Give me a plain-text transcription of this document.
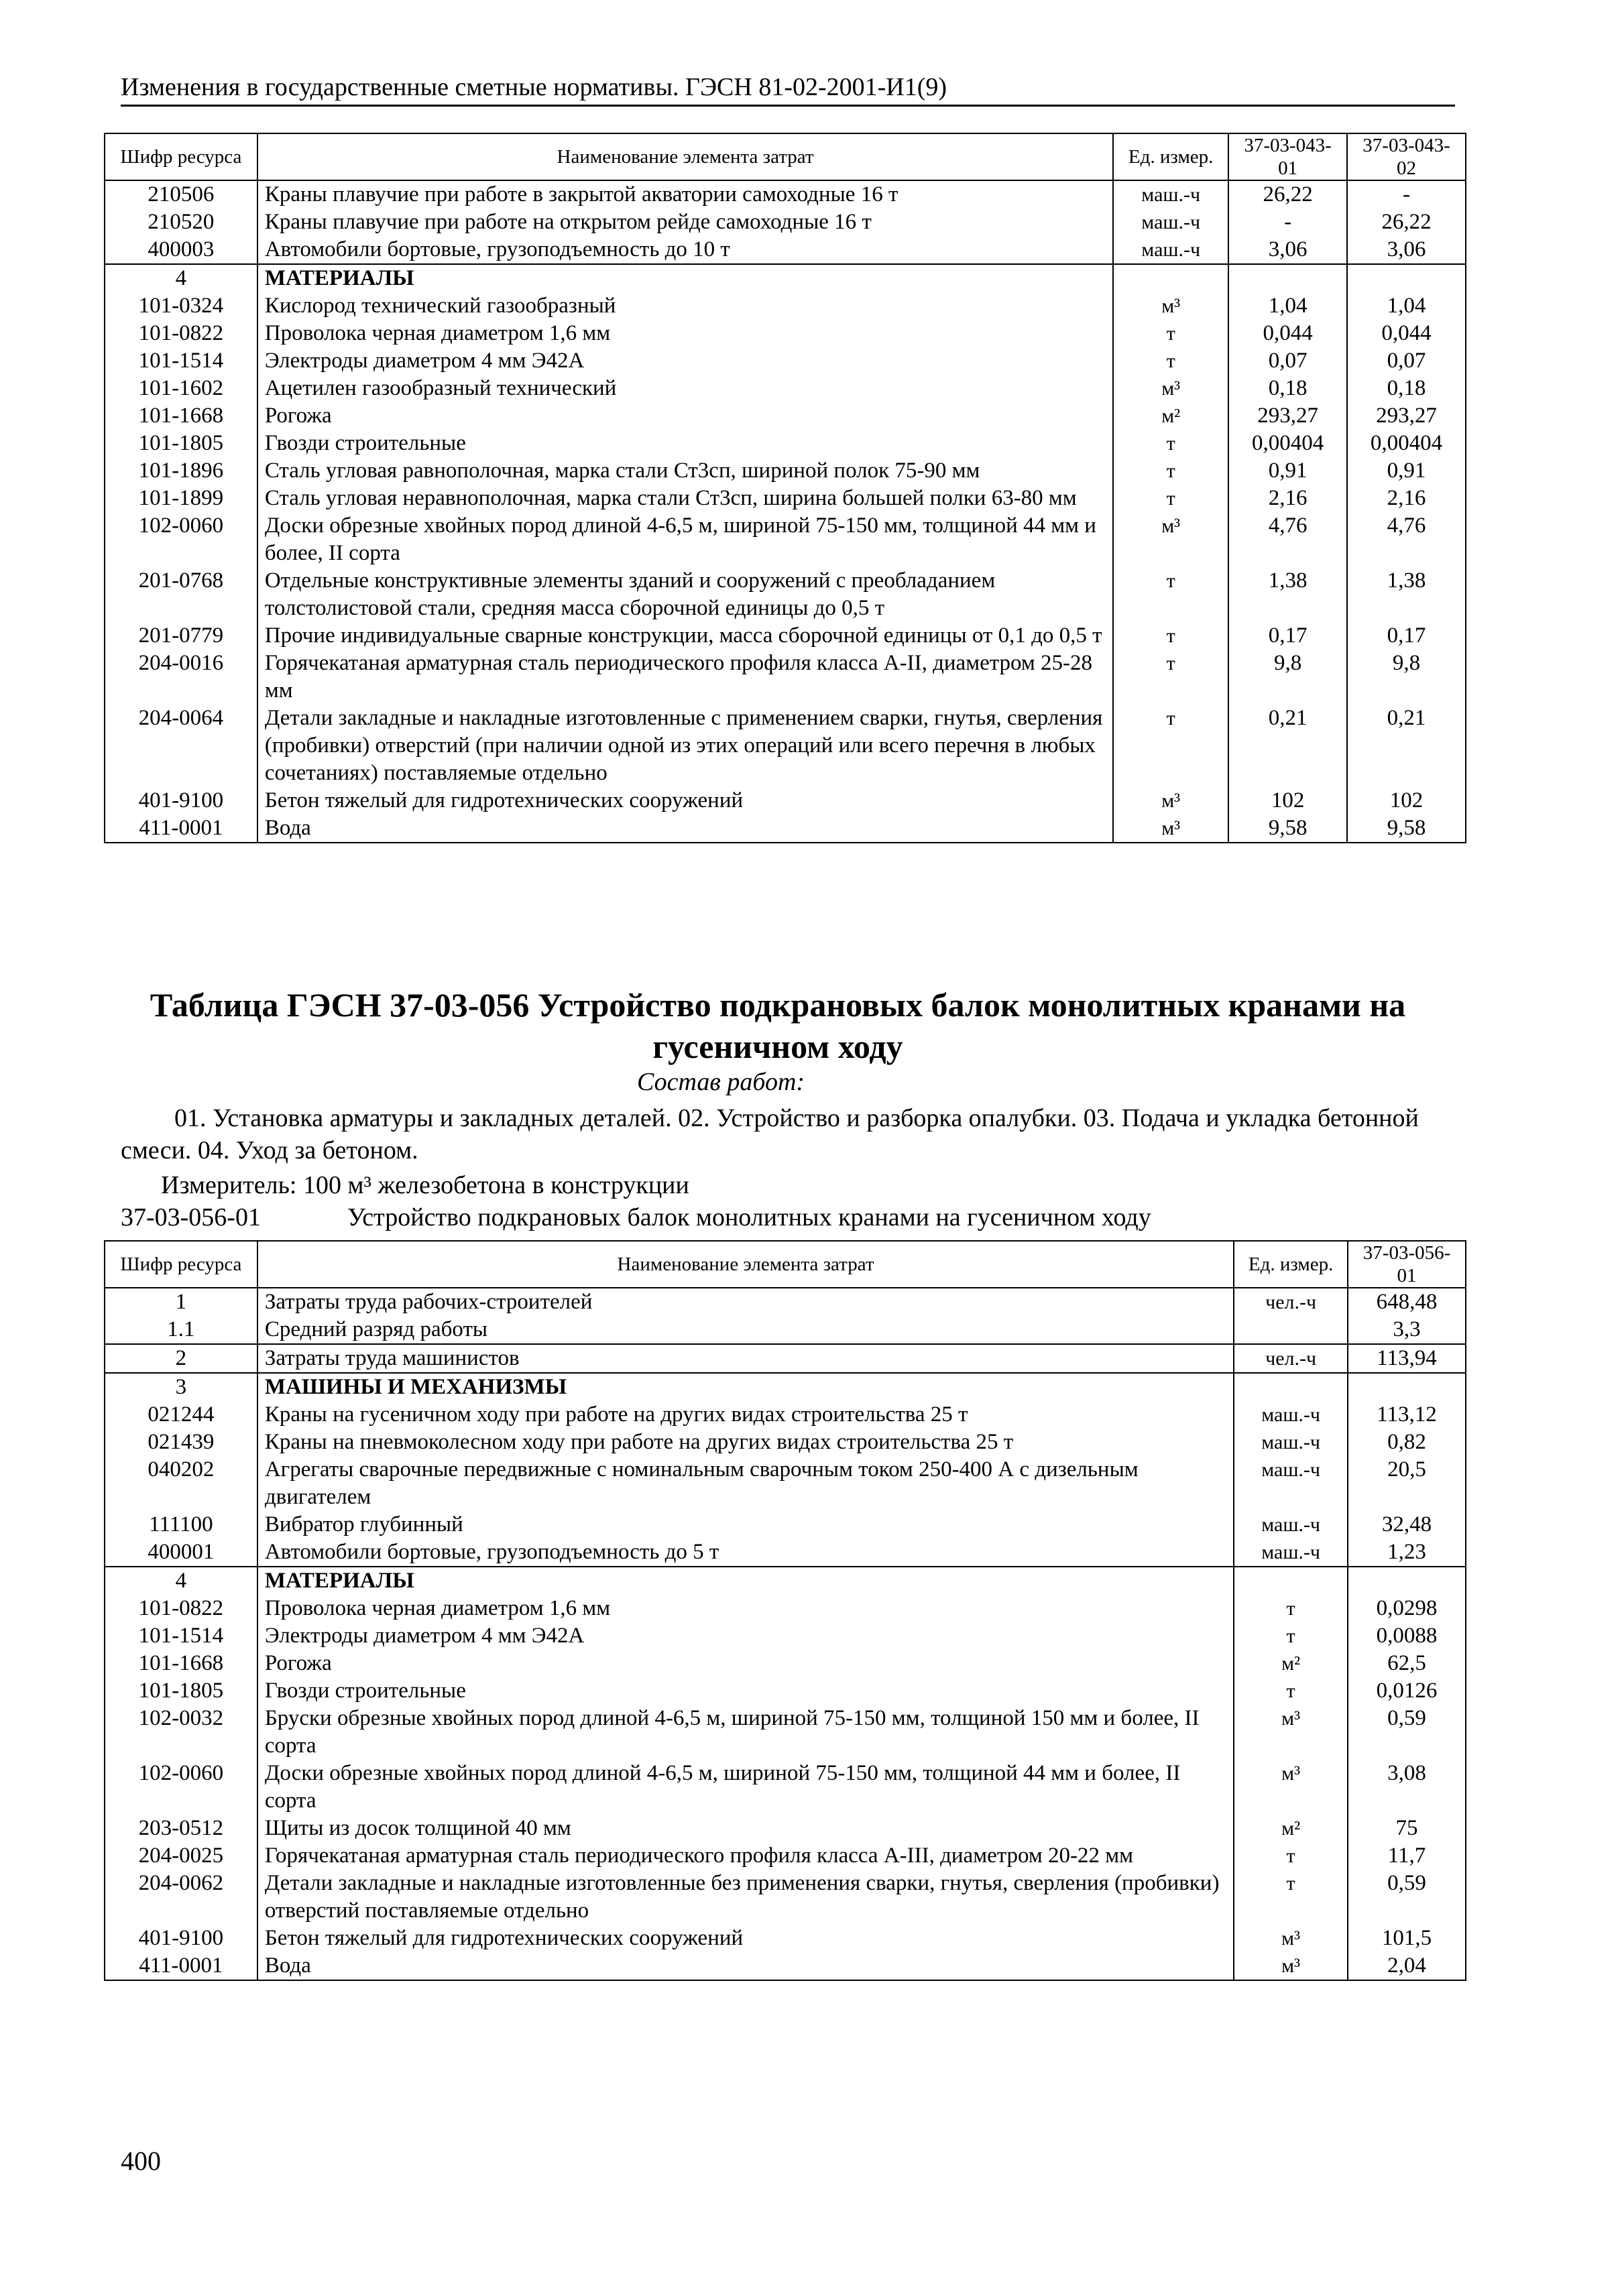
Изменения в государственные сметные нормативы. ГЭСН 81-02-2001-И1(9)
Шифр ресурса	Наименование элемента затрат	Ед. измер.	37-03-043-01	37-03-043-02
210506	Краны плавучие при работе в закрытой акватории самоходные 16 т	маш.-ч	26,22	-
210520	Краны плавучие при работе на открытом рейде самоходные 16 т	маш.-ч	-	26,22
400003	Автомобили бортовые, грузоподъемность до 10 т	маш.-ч	3,06	3,06
4	МАТЕРИАЛЫ			
101-0324	Кислород технический газообразный	м³	1,04	1,04
101-0822	Проволока черная диаметром 1,6 мм	т	0,044	0,044
101-1514	Электроды диаметром 4 мм Э42А	т	0,07	0,07
101-1602	Ацетилен газообразный технический	м³	0,18	0,18
101-1668	Рогожа	м²	293,27	293,27
101-1805	Гвозди строительные	т	0,00404	0,00404
101-1896	Сталь угловая равнополочная, марка стали Ст3сп, шириной полок 75-90 мм	т	0,91	0,91
101-1899	Сталь угловая неравнополочная, марка стали Ст3сп, ширина большей полки 63-80 мм	т	2,16	2,16
102-0060	Доски обрезные хвойных пород длиной 4-6,5 м, шириной 75-150 мм, толщиной 44 мм и более, II сорта	м³	4,76	4,76
201-0768	Отдельные конструктивные элементы зданий и сооружений с преобладанием толстолистовой стали, средняя масса сборочной единицы до 0,5 т	т	1,38	1,38
201-0779	Прочие индивидуальные сварные конструкции, масса сборочной единицы от 0,1 до 0,5 т	т	0,17	0,17
204-0016	Горячекатаная арматурная сталь периодического профиля класса А-II, диаметром 25-28 мм	т	9,8	9,8
204-0064	Детали закладные и накладные изготовленные с применением сварки, гнутья, сверления (пробивки) отверстий (при наличии одной из этих операций или всего перечня в любых сочетаниях) поставляемые отдельно	т	0,21	0,21
401-9100	Бетон тяжелый для гидротехнических сооружений	м³	102	102
411-0001	Вода	м³	9,58	9,58
Таблица ГЭСН 37-03-056 Устройство подкрановых балок монолитных кранами на гусеничном ходу
Состав работ:
01. Установка арматуры и закладных деталей. 02. Устройство и разборка опалубки. 03. Подача и укладка бетонной смеси. 04. Уход за бетоном.
Измеритель: 100 м³ железобетона в конструкции
37-03-056-01	Устройство подкрановых балок монолитных кранами на гусеничном ходу
Шифр ресурса	Наименование элемента затрат	Ед. измер.	37-03-056-01
1	Затраты труда рабочих-строителей	чел.-ч	648,48
1.1	Средний разряд работы		3,3
2	Затраты труда машинистов	чел.-ч	113,94
3	МАШИНЫ И МЕХАНИЗМЫ		
021244	Краны на гусеничном ходу при работе на других видах строительства 25 т	маш.-ч	113,12
021439	Краны на пневмоколесном ходу при работе на других видах строительства 25 т	маш.-ч	0,82
040202	Агрегаты сварочные передвижные с номинальным сварочным током 250-400 А с дизельным двигателем	маш.-ч	20,5
111100	Вибратор глубинный	маш.-ч	32,48
400001	Автомобили бортовые, грузоподъемность до 5 т	маш.-ч	1,23
4	МАТЕРИАЛЫ		
101-0822	Проволока черная диаметром 1,6 мм	т	0,0298
101-1514	Электроды диаметром 4 мм Э42А	т	0,0088
101-1668	Рогожа	м²	62,5
101-1805	Гвозди строительные	т	0,0126
102-0032	Бруски обрезные хвойных пород длиной 4-6,5 м, шириной 75-150 мм, толщиной 150 мм и более, II сорта	м³	0,59
102-0060	Доски обрезные хвойных пород длиной 4-6,5 м, шириной 75-150 мм, толщиной 44 мм и более, II сорта	м³	3,08
203-0512	Щиты из досок толщиной 40 мм	м²	75
204-0025	Горячекатаная арматурная сталь периодического профиля класса А-III, диаметром 20-22 мм	т	11,7
204-0062	Детали закладные и накладные изготовленные без применения сварки, гнутья, сверления (пробивки) отверстий поставляемые отдельно	т	0,59
401-9100	Бетон тяжелый для гидротехнических сооружений	м³	101,5
411-0001	Вода	м³	2,04
400
